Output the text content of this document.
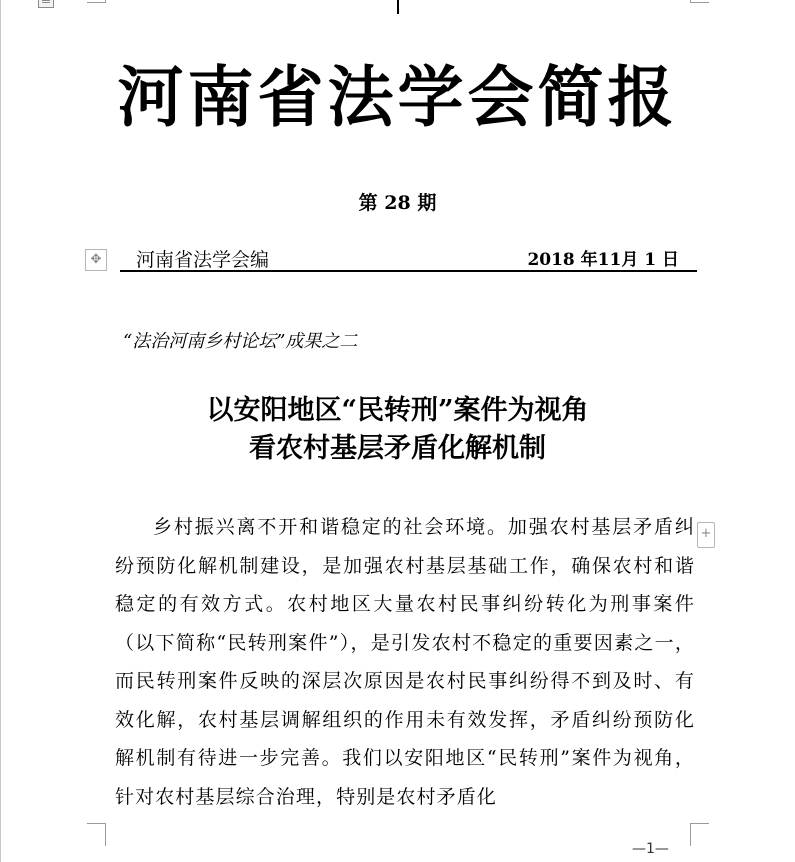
河南省法学会简报
第 28 期
✥ 河南省法学会编	2018 年11月 1 日
“法治河南乡村论坛”成果之二
以安阳地区“民转刑”案件为视角
看农村基层矛盾化解机制

乡村振兴离不开和谐稳定的社会环境。加强农村基层矛盾纠纷预防化解机制建设，是加强农村基层基础工作，确保农村和谐稳定的有效方式。农村地区大量农村民事纠纷转化为刑事案件（以下简称“民转刑案件”），是引发农村不稳定的重要因素之一，而民转刑案件反映的深层次原因是农村民事纠纷得不到及时、有效化解，农村基层调解组织的作用未有效发挥，矛盾纠纷预防化解机制有待进一步完善。我们以安阳地区“民转刑”案件为视角，针对农村基层综合治理，特别是农村矛盾化

+
—1—
